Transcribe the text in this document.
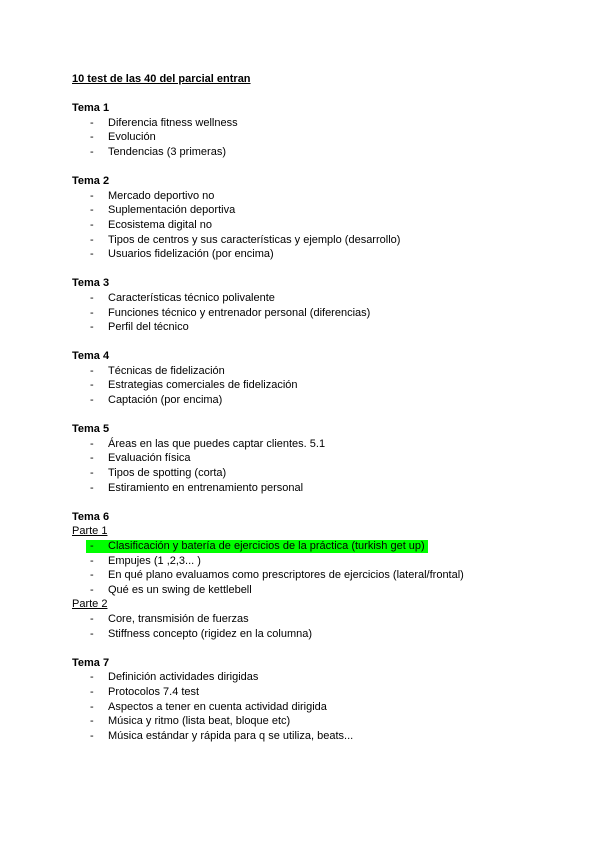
10 test de las 40 del parcial entran
Tema 1
- Diferencia fitness wellness
- Evolución
- Tendencias (3 primeras)
Tema 2
- Mercado deportivo no
- Suplementación deportiva
- Ecosistema digital no
- Tipos de centros y sus características y ejemplo (desarrollo)
- Usuarios fidelización (por encima)
Tema 3
- Características técnico polivalente
- Funciones técnico y entrenador personal (diferencias)
- Perfil del técnico
Tema 4
- Técnicas de fidelización
- Estrategias comerciales de fidelización
- Captación (por encima)
Tema 5
- Áreas en las que puedes captar clientes. 5.1
- Evaluación física
- Tipos de spotting (corta)
- Estiramiento en entrenamiento personal
Tema 6
Parte 1
- Clasificación y batería de ejercicios de la práctica (turkish get up)
- Empujes (1 ,2,3... )
- En qué plano evaluamos como prescriptores de ejercicios (lateral/frontal)
- Qué es un swing de kettlebell
Parte 2
- Core, transmisión de fuerzas
- Stiffness concepto (rigidez en la columna)
Tema 7
- Definición actividades dirigidas
- Protocolos 7.4 test
- Aspectos a tener en cuenta actividad dirigida
- Música y ritmo (lista beat, bloque etc)
- Música estándar y rápida para q se utiliza, beats...
